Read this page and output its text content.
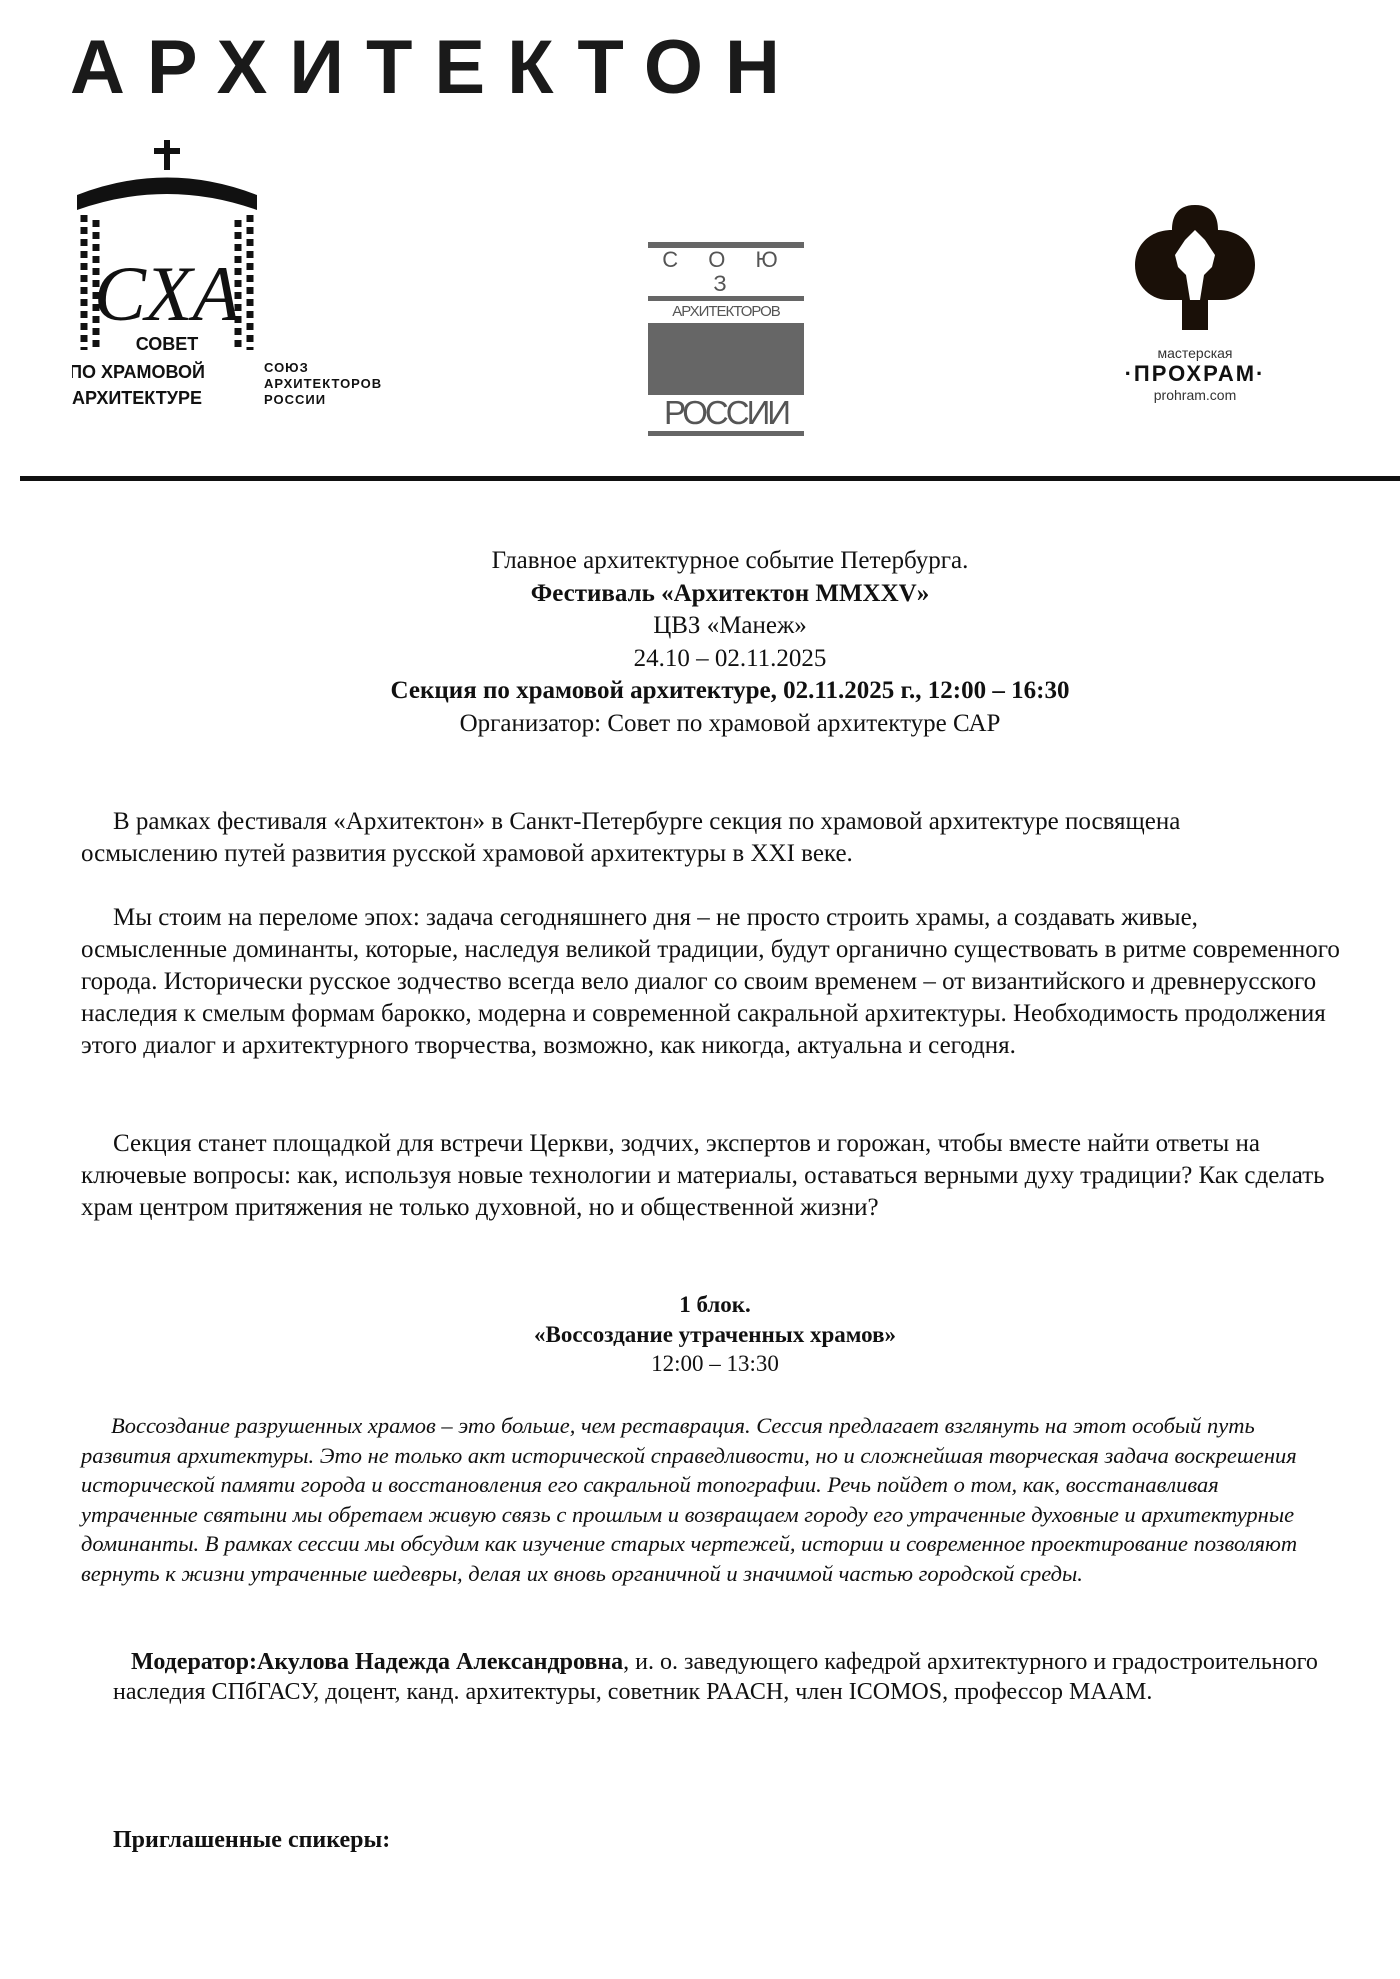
АРХИТЕКТОН
СХА
СОВЕТ
ПО ХРАМОВОЙ
АРХИТЕКТУРЕ
СОЮЗ
АРХИТЕКТОРОВ
РОССИИ
С О Ю З
АРХИТЕКТОРОВ
РОССИИ
мастерская
·ПРОХРАМ·
prohram.com
Главное архитектурное событие Петербурга.
Фестиваль «Архитектон MMXXV»
ЦВЗ «Манеж»
24.10 – 02.11.2025
Секция по храмовой архитектуре, 02.11.2025 г., 12:00 – 16:30
Организатор: Совет по храмовой архитектуре САР
В рамках фестиваля «Архитектон» в Санкт-Петербурге секция по храмовой архитектуре посвящена осмыслению путей развития русской храмовой архитектуры в XXI веке.
Мы стоим на переломе эпох: задача сегодняшнего дня – не просто строить храмы, а создавать живые, осмысленные доминанты, которые, наследуя великой традиции, будут органично существовать в ритме современного города. Исторически русское зодчество всегда вело диалог со своим временем – от византийского и древнерусского наследия к смелым формам барокко, модерна и современной сакральной архитектуры. Необходимость продолжения этого диалог и архитектурного творчества, возможно, как никогда, актуальна и сегодня.
Секция станет площадкой для встречи Церкви, зодчих, экспертов и горожан, чтобы вместе найти ответы на ключевые вопросы: как, используя новые технологии и материалы, оставаться верными духу традиции? Как сделать храм центром притяжения не только духовной, но и общественной жизни?
1 блок.
«Воссоздание утраченных храмов»
12:00 – 13:30
Воссоздание разрушенных храмов – это больше, чем реставрация. Сессия предлагает взглянуть на этот особый путь развития архитектуры. Это не только акт исторической справедливости, но и сложнейшая творческая задача воскрешения исторической памяти города и восстановления его сакральной топографии. Речь пойдет о том, как, восстанавливая утраченные святыни мы обретаем живую связь с прошлым и возвращаем городу его утраченные духовные и архитектурные доминанты. В рамках сессии мы обсудим как изучение старых чертежей, истории и современное проектирование позволяют вернуть к жизни утраченные шедевры, делая их вновь органичной и значимой частью городской среды.
Модератор:Акулова Надежда Александровна, и. о. заведующего кафедрой архитектурного и градостроительного наследия СПбГАСУ, доцент, канд. архитектуры, советник РААСН, член ICOMOS, профессор МААМ.
Приглашенные спикеры:
